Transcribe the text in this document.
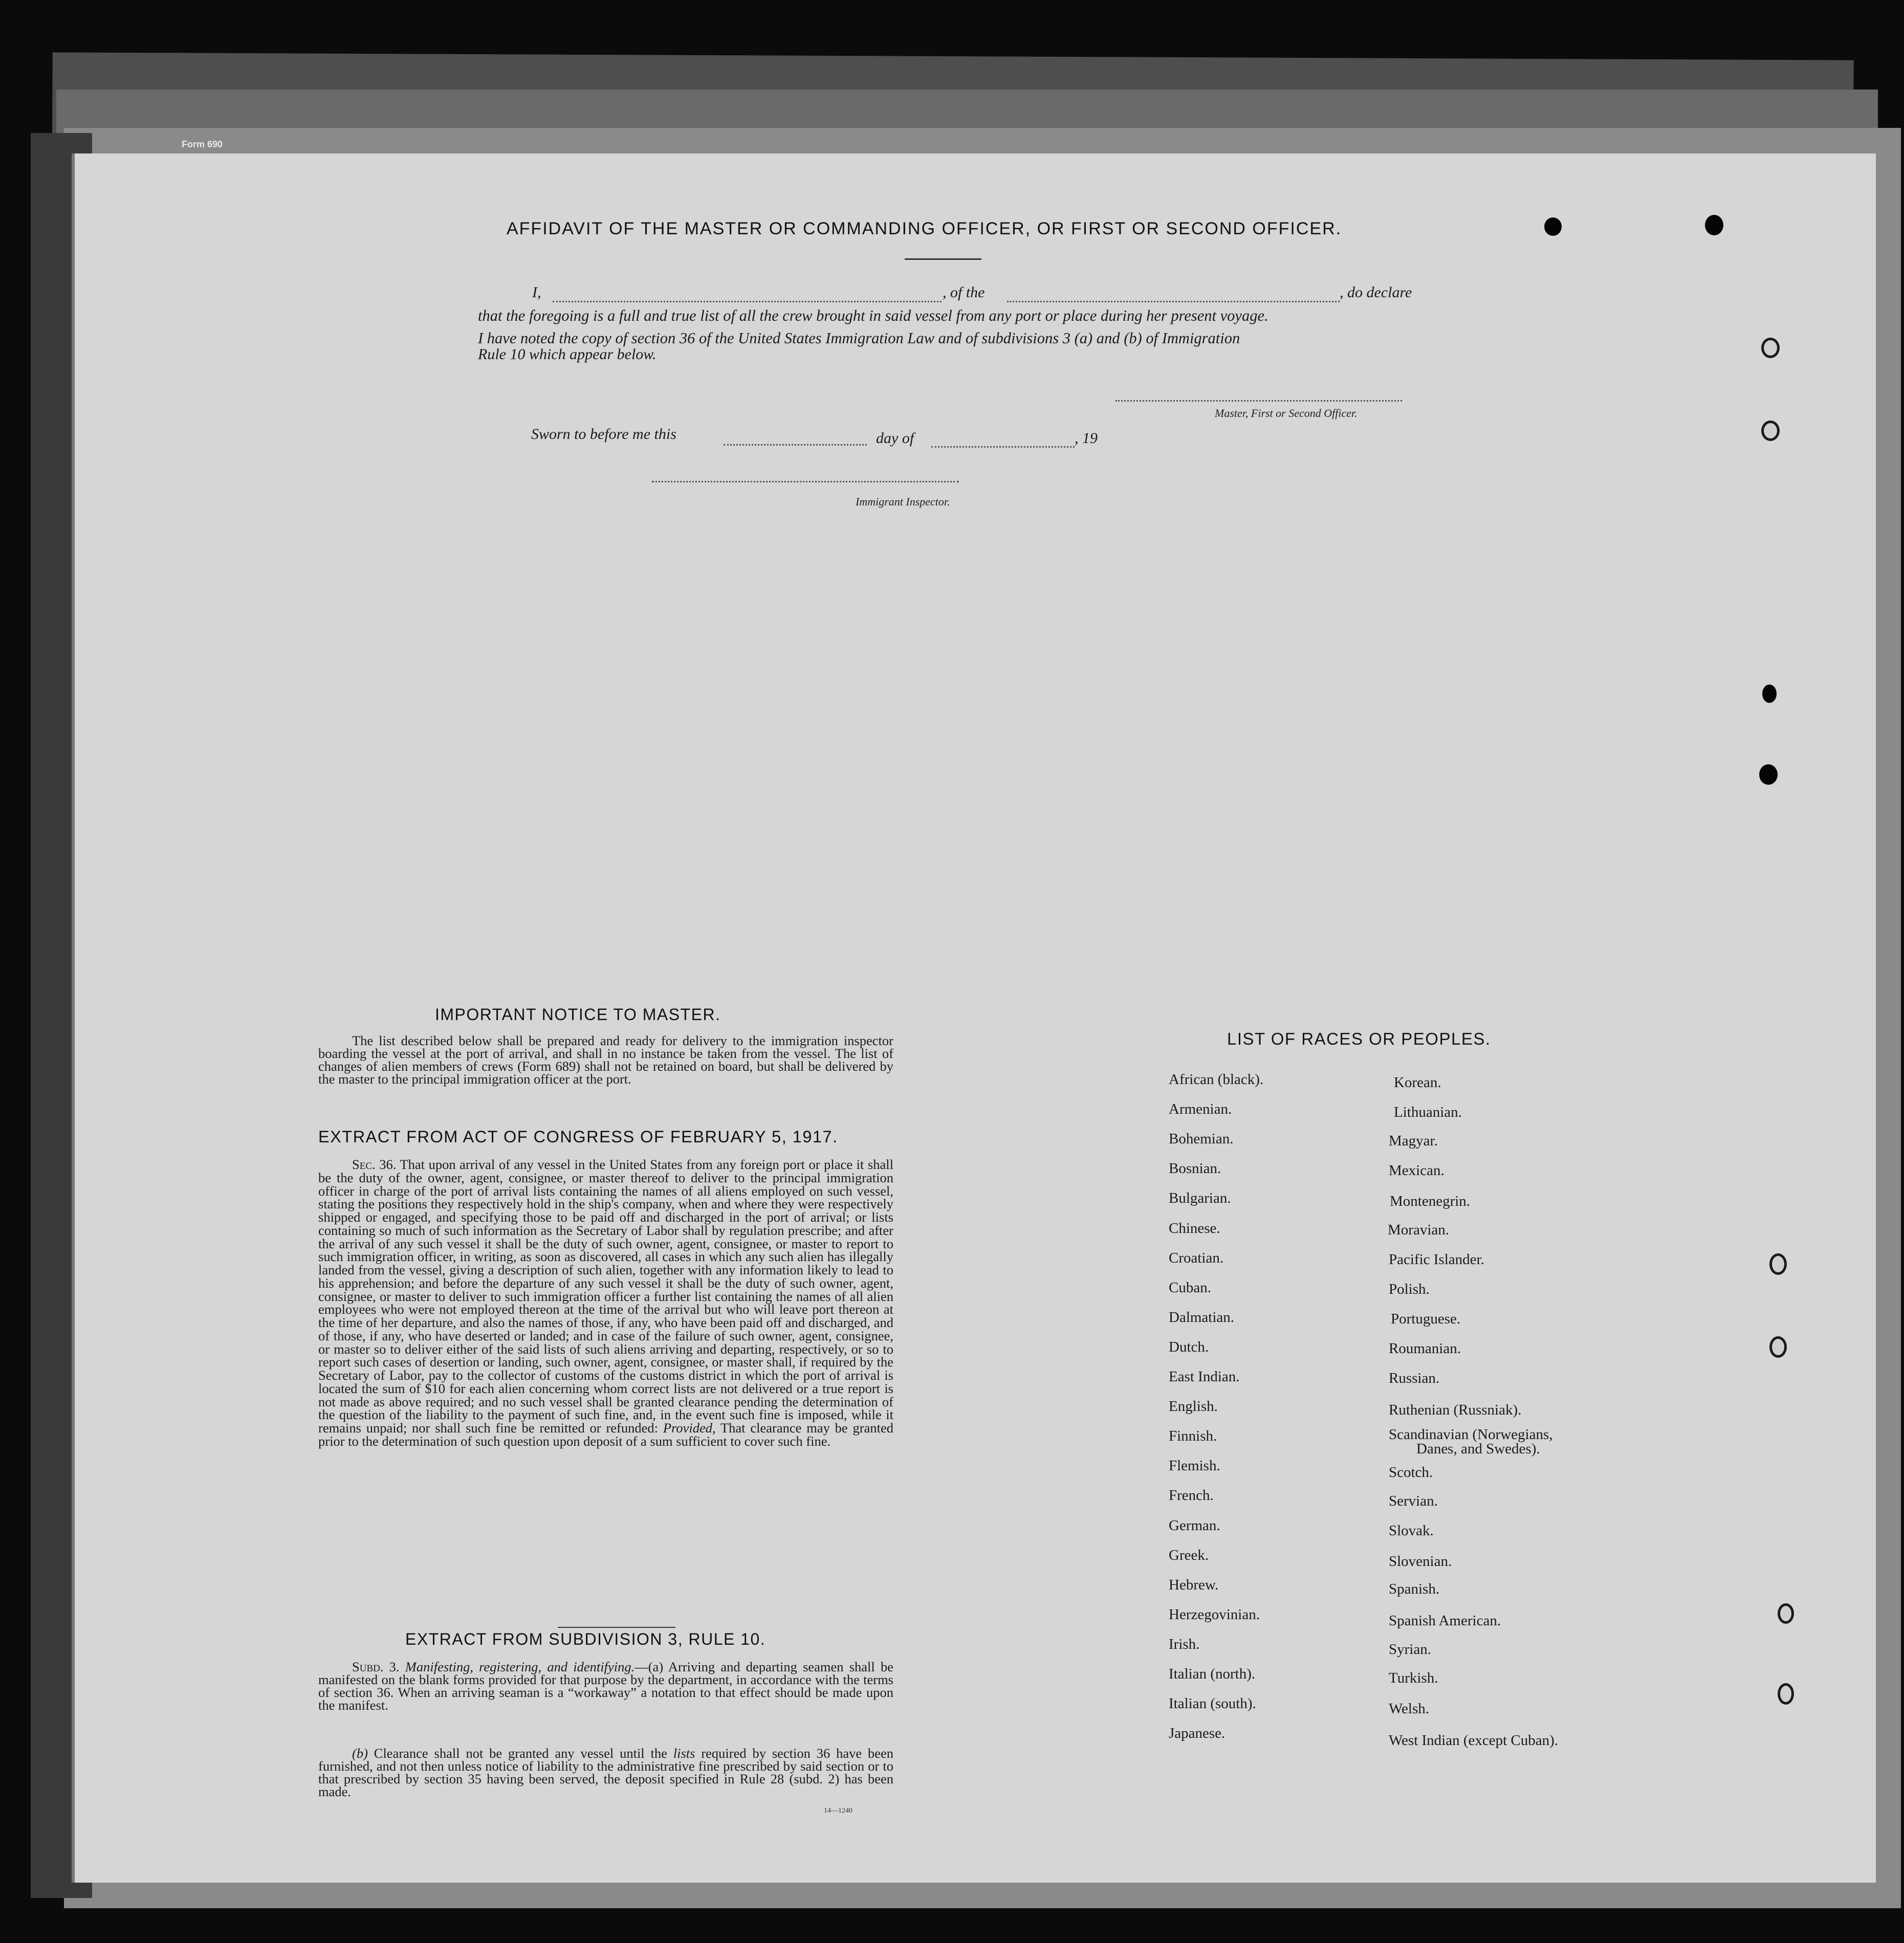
Form 690
AFFIDAVIT OF THE MASTER OR COMMANDING OFFICER, OR FIRST OR SECOND OFFICER.
I,	, of the	, do declare
that the foregoing is a full and true list of all the crew brought in said vessel from any port or place during her present voyage.
I have noted the copy of section 36 of the United States Immigration Law and of subdivisions 3 (a) and (b) of Immigration
Rule 10 which appear below.
Master, First or Second Officer.
Sworn to before me this	day of	, 19
Immigrant Inspector.
IMPORTANT NOTICE TO MASTER.
The list described below shall be prepared and ready for delivery to the immigration inspector boarding the vessel at the port of arrival, and shall in no instance be taken from the vessel. The list of changes of alien members of crews (Form 689) shall not be retained on board, but shall be delivered by the master to the principal immigration officer at the port.
EXTRACT FROM ACT OF CONGRESS OF FEBRUARY 5, 1917.
Sec. 36. That upon arrival of any vessel in the United States from any foreign port or place it shall be the duty of the owner, agent, consignee, or master thereof to deliver to the principal immigration officer in charge of the port of arrival lists containing the names of all aliens employed on such vessel, stating the positions they respectively hold in the ship's company, when and where they were respectively shipped or engaged, and specifying those to be paid off and discharged in the port of arrival; or lists containing so much of such information as the Secretary of Labor shall by regulation prescribe; and after the arrival of any such vessel it shall be the duty of such owner, agent, consignee, or master to report to such immigration officer, in writing, as soon as discovered, all cases in which any such alien has illegally landed from the vessel, giving a description of such alien, together with any information likely to lead to his apprehension; and before the departure of any such vessel it shall be the duty of such owner, agent, consignee, or master to deliver to such immigration officer a further list containing the names of all alien employees who were not employed thereon at the time of the arrival but who will leave port thereon at the time of her departure, and also the names of those, if any, who have been paid off and discharged, and of those, if any, who have deserted or landed; and in case of the failure of such owner, agent, consignee, or master so to deliver either of the said lists of such aliens arriving and departing, respectively, or so to report such cases of desertion or landing, such owner, agent, consignee, or master shall, if required by the Secretary of Labor, pay to the collector of customs of the customs district in which the port of arrival is located the sum of $10 for each alien concerning whom correct lists are not delivered or a true report is not made as above required; and no such vessel shall be granted clearance pending the determination of the question of the liability to the payment of such fine, and, in the event such fine is imposed, while it remains unpaid; nor shall such fine be remitted or refunded: Provided, That clearance may be granted prior to the determination of such question upon deposit of a sum sufficient to cover such fine.
EXTRACT FROM SUBDIVISION 3, RULE 10.
Subd. 3. Manifesting, registering, and identifying.—(a) Arriving and departing seamen shall be manifested on the blank forms provided for that purpose by the department, in accordance with the terms of section 36. When an arriving seaman is a “workaway” a notation to that effect should be made upon the manifest.
(b) Clearance shall not be granted any vessel until the lists required by section 36 have been furnished, and not then unless notice of liability to the administrative fine prescribed by said section or to that prescribed by section 35 having been served, the deposit specified in Rule 28 (subd. 2) has been made.
14—1240
LIST OF RACES OR PEOPLES.
African (black).
Armenian.
Bohemian.
Bosnian.
Bulgarian.
Chinese.
Croatian.
Cuban.
Dalmatian.
Dutch.
East Indian.
English.
Finnish.
Flemish.
French.
German.
Greek.
Hebrew.
Herzegovinian.
Irish.
Italian (north).
Italian (south).
Japanese.
Korean.
Lithuanian.
Magyar.
Mexican.
Montenegrin.
Moravian.
Pacific Islander.
Polish.
Portuguese.
Roumanian.
Russian.
Ruthenian (Russniak).
Scandinavian (Norwegians,
Danes, and Swedes).
Scotch.
Servian.
Slovak.
Slovenian.
Spanish.
Spanish American.
Syrian.
Turkish.
Welsh.
West Indian (except Cuban).
